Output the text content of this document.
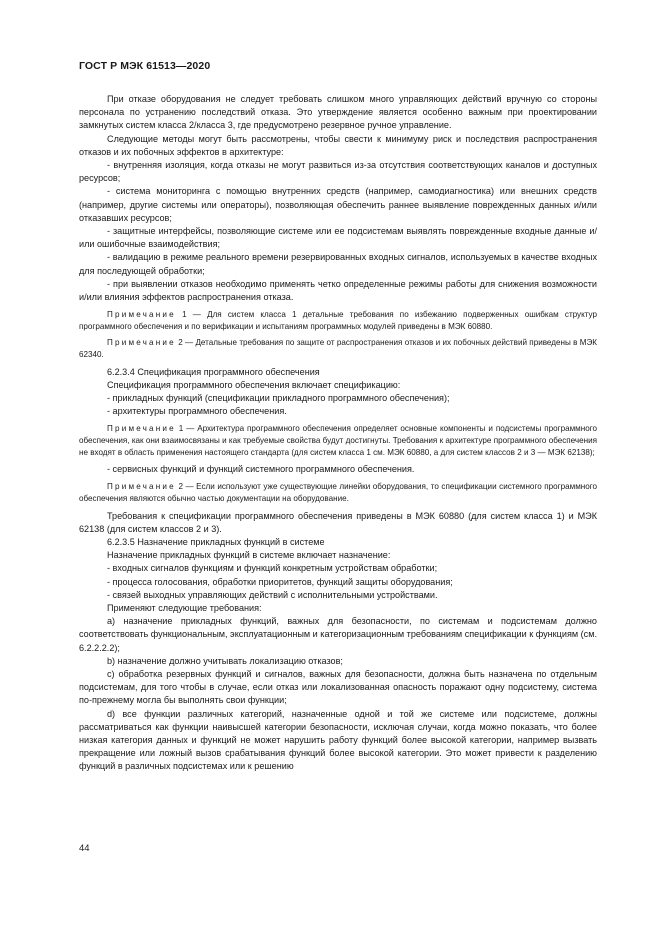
ГОСТ Р МЭК 61513—2020

При отказе оборудования не следует требовать слишком много управляющих действий вручную со стороны персонала по устранению последствий отказа. Это утверждение является особенно важным при проектировании замкнутых систем класса 2/класса 3, где предусмотрено резервное ручное управление.

Следующие методы могут быть рассмотрены, чтобы свести к минимуму риск и последствия распространения отказов и их побочных эффектов в архитектуре:

- внутренняя изоляция, когда отказы не могут развиться из-за отсутствия соответствующих каналов и доступных ресурсов;

- система мониторинга с помощью внутренних средств (например, самодиагностика) или внешних средств (например, другие системы или операторы), позволяющая обеспечить раннее выявление поврежденных данных и/или отказавших ресурсов;

- защитные интерфейсы, позволяющие системе или ее подсистемам выявлять поврежденные входные данные и/или ошибочные взаимодействия;

- валидацию в режиме реального времени резервированных входных сигналов, используемых в качестве входных для последующей обработки;

- при выявлении отказов необходимо применять четко определенные режимы работы для снижения возможности и/или влияния эффектов распространения отказа.

Примечание 1 — Для систем класса 1 детальные требования по избежанию подверженных ошибкам структур программного обеспечения и по верификации и испытаниям программных модулей приведены в МЭК 60880.

Примечание 2 — Детальные требования по защите от распространения отказов и их побочных действий приведены в МЭК 62340.

6.2.3.4 Спецификация программного обеспечения

Спецификация программного обеспечения включает спецификацию:

- прикладных функций (спецификации прикладного программного обеспечения);

- архитектуры программного обеспечения.

Примечание 1 — Архитектура программного обеспечения определяет основные компоненты и подсистемы программного обеспечения, как они взаимосвязаны и как требуемые свойства будут достигнуты. Требования к архитектуре программного обеспечения не входят в область применения настоящего стандарта (для систем класса 1 см. МЭК 60880, а для систем классов 2 и 3 — МЭК 62138);

- сервисных функций и функций системного программного обеспечения.

Примечание 2 — Если используют уже существующие линейки оборудования, то спецификации системного программного обеспечения являются обычно частью документации на оборудование.

Требования к спецификации программного обеспечения приведены в МЭК 60880 (для систем класса 1) и МЭК 62138 (для систем классов 2 и 3).

6.2.3.5 Назначение прикладных функций в системе

Назначение прикладных функций в системе включает назначение:

- входных сигналов функциям и функций конкретным устройствам обработки;

- процесса голосования, обработки приоритетов, функций защиты оборудования;

- связей выходных управляющих действий с исполнительными устройствами.

Применяют следующие требования:

a) назначение прикладных функций, важных для безопасности, по системам и подсистемам должно соответствовать функциональным, эксплуатационным и категоризационным требованиям спецификации к функциям (см. 6.2.2.2.2);

b) назначение должно учитывать локализацию отказов;

c) обработка резервных функций и сигналов, важных для безопасности, должна быть назначена по отдельным подсистемам, для того чтобы в случае, если отказ или локализованная опасность поражают одну подсистему, система по-прежнему могла бы выполнять свои функции;

d) все функции различных категорий, назначенные одной и той же системе или подсистеме, должны рассматриваться как функции наивысшей категории безопасности, исключая случаи, когда можно показать, что более низкая категория данных и функций не может нарушить работу функций более высокой категории, например вызвать прекращение или ложный вызов срабатывания функций более высокой категории. Это может привести к разделению функций в различных подсистемах или к решению

44
